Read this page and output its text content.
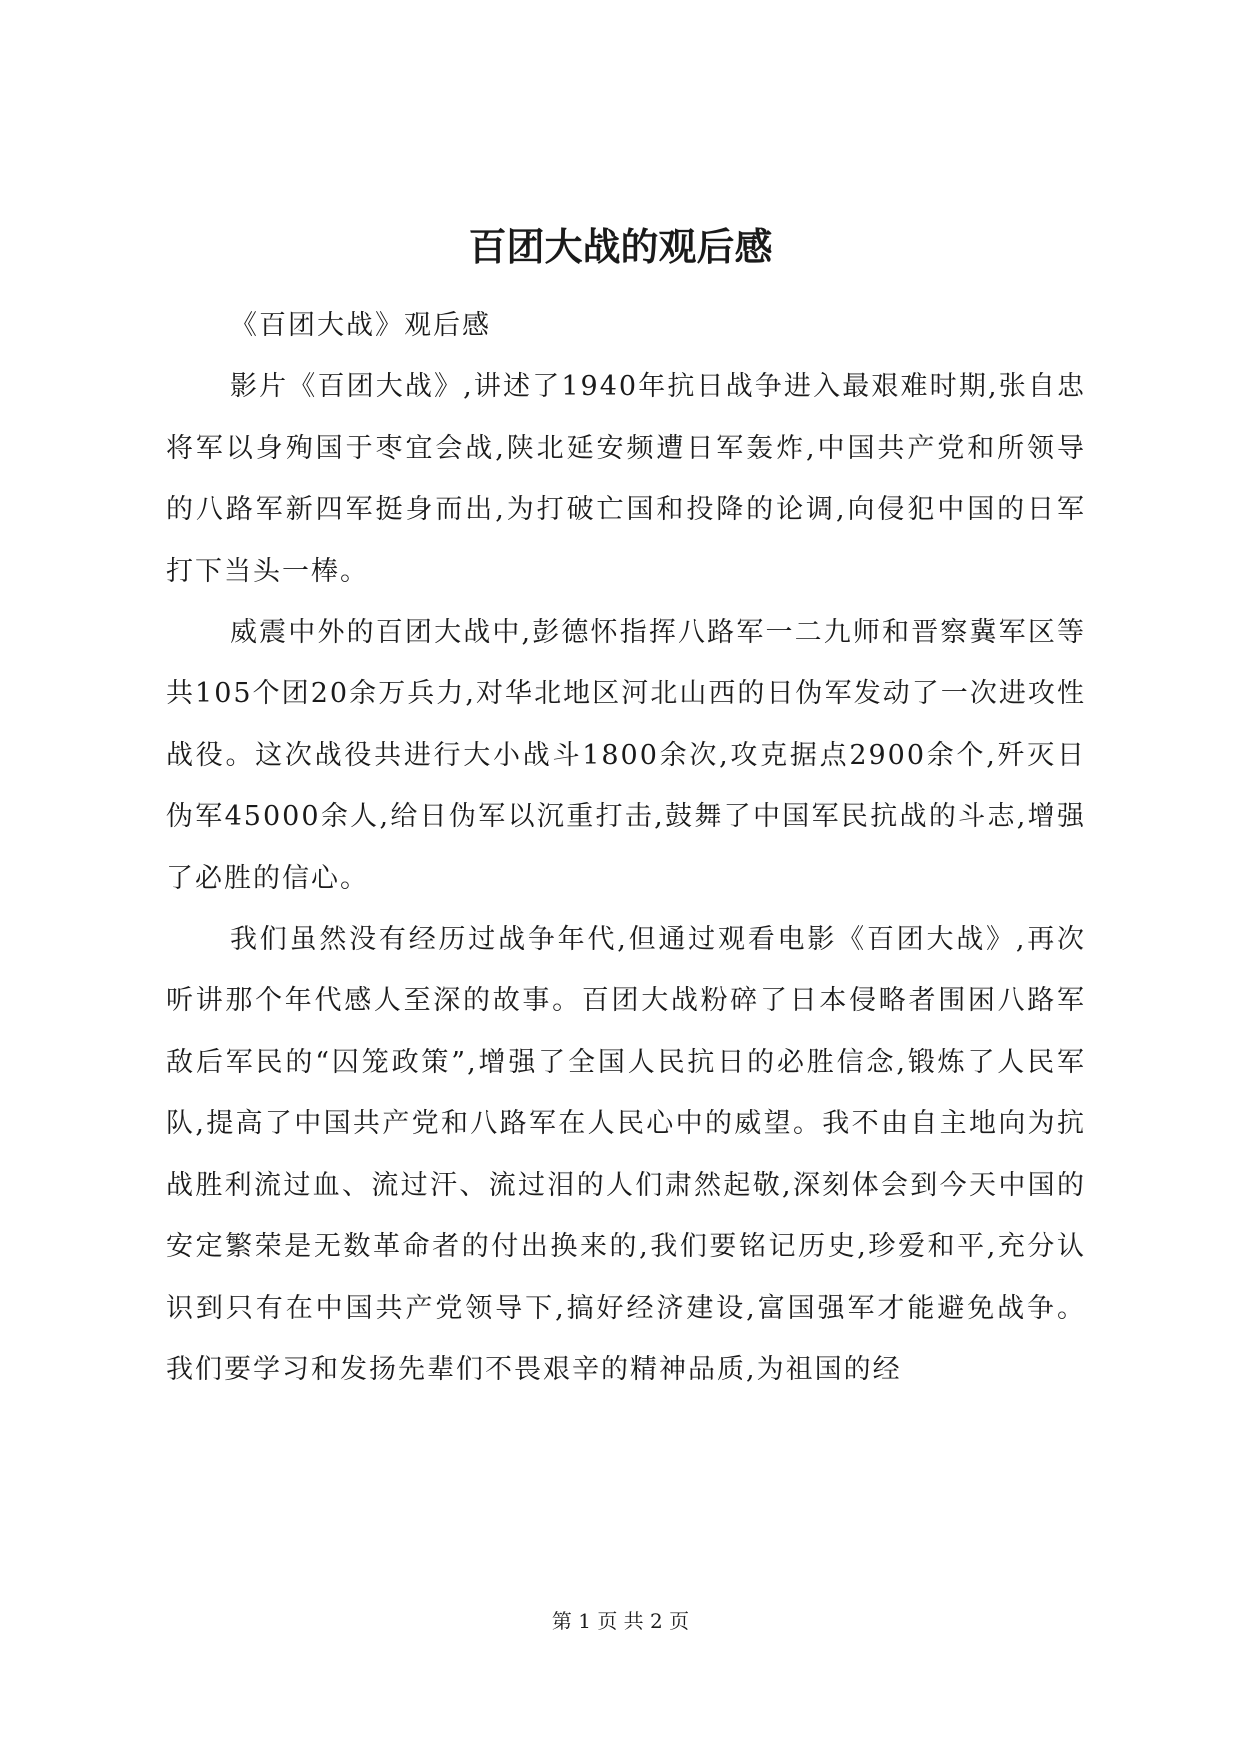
百团大战的观后感

《百团大战》观后感

影片《百团大战》,讲述了1940年抗日战争进入最艰难时期,张自忠将军以身殉国于枣宜会战,陕北延安频遭日军轰炸,中国共产党和所领导的八路军新四军挺身而出,为打破亡国和投降的论调,向侵犯中国的日军打下当头一棒。

威震中外的百团大战中,彭德怀指挥八路军一二九师和晋察冀军区等共105个团20余万兵力,对华北地区河北山西的日伪军发动了一次进攻性战役。这次战役共进行大小战斗1800余次,攻克据点2900余个,歼灭日伪军45000余人,给日伪军以沉重打击,鼓舞了中国军民抗战的斗志,增强了必胜的信心。

我们虽然没有经历过战争年代,但通过观看电影《百团大战》,再次听讲那个年代感人至深的故事。百团大战粉碎了日本侵略者围困八路军敌后军民的“囚笼政策”,增强了全国人民抗日的必胜信念,锻炼了人民军队,提高了中国共产党和八路军在人民心中的威望。我不由自主地向为抗战胜利流过血、流过汗、流过泪的人们肃然起敬,深刻体会到今天中国的安定繁荣是无数革命者的付出换来的,我们要铭记历史,珍爱和平,充分认识到只有在中国共产党领导下,搞好经济建设,富国强军才能避免战争。我们要学习和发扬先辈们不畏艰辛的精神品质,为祖国的经

第 1 页 共 2 页
